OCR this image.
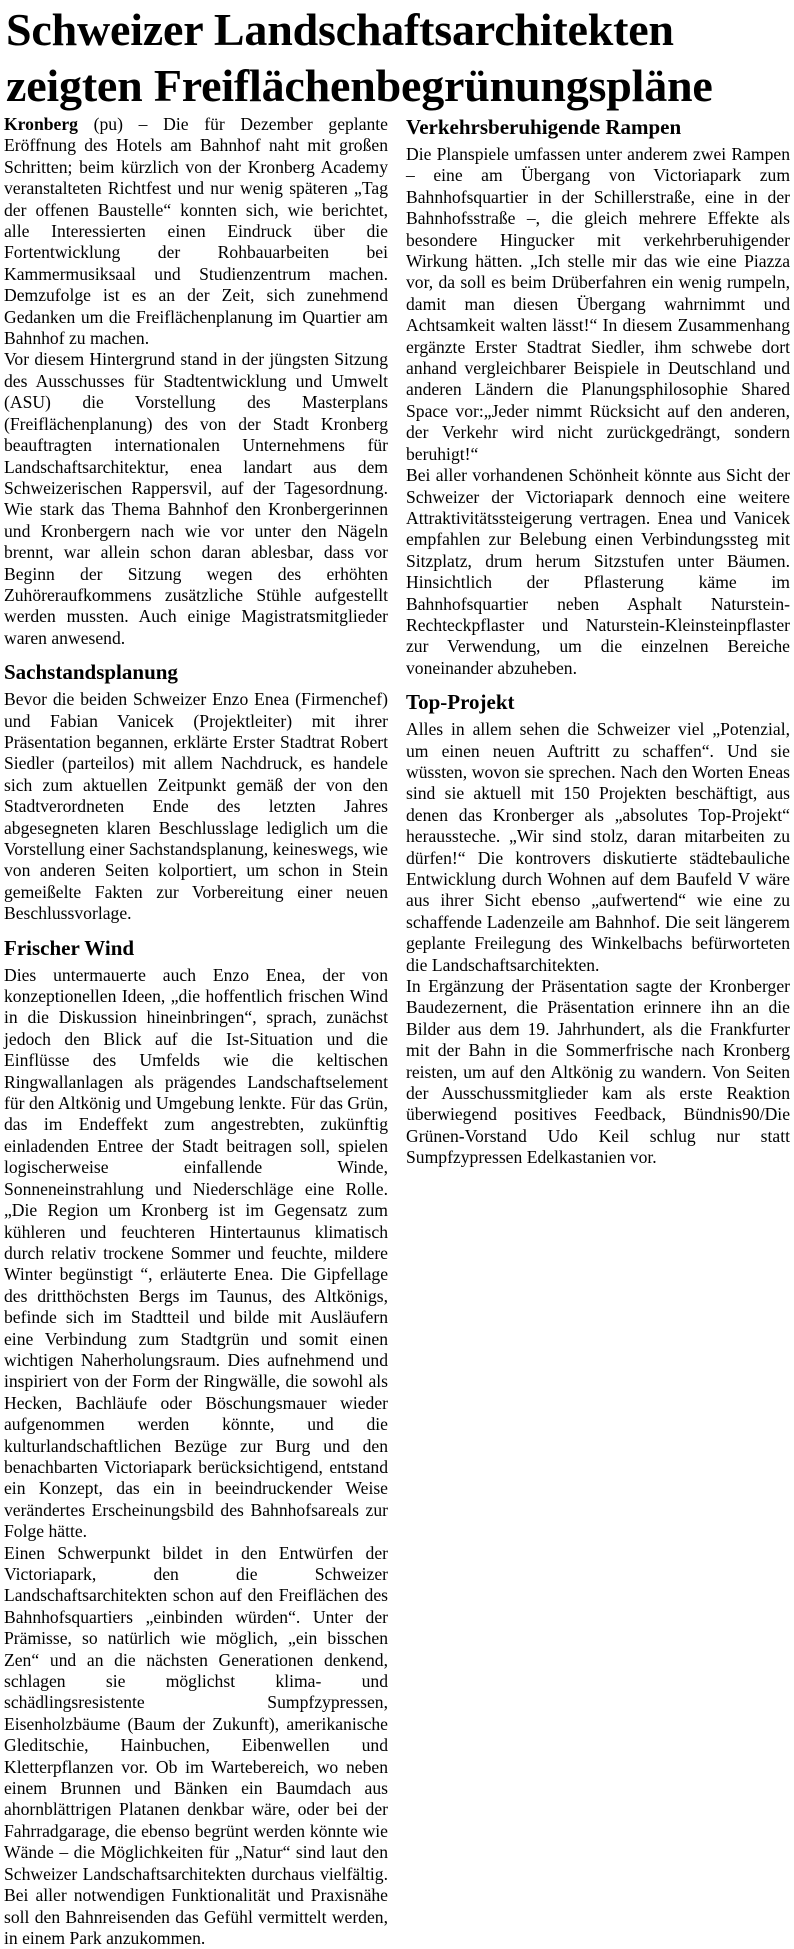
Schweizer Landschaftsarchitekten zeigten Freiflächenbegrünungspläne

Kronberg (pu) – Die für Dezember geplante Eröffnung des Hotels am Bahnhof naht mit großen Schritten; beim kürzlich von der Kronberg Academy veranstalteten Richtfest und nur wenig späteren „Tag der offenen Baustelle“ konnten sich, wie berichtet, alle Interessierten einen Eindruck über die Fortentwicklung der Rohbauarbeiten bei Kammermusiksaal und Studienzentrum machen. Demzufolge ist es an der Zeit, sich zunehmend Gedanken um die Freiflächenplanung im Quartier am Bahnhof zu machen.

Vor diesem Hintergrund stand in der jüngsten Sitzung des Ausschusses für Stadtentwicklung und Umwelt (ASU) die Vorstellung des Masterplans (Freiflächenplanung) des von der Stadt Kronberg beauftragten internationalen Unternehmens für Landschaftsarchitektur, enea landart aus dem Schweizerischen Rappersvil, auf der Tagesordnung. Wie stark das Thema Bahnhof den Kronbergerinnen und Kronbergern nach wie vor unter den Nägeln brennt, war allein schon daran ablesbar, dass vor Beginn der Sitzung wegen des erhöhten Zuhöreraufkommens zusätzliche Stühle aufgestellt werden mussten. Auch einige Magistratsmitglieder waren anwesend.

Sachstandsplanung

Bevor die beiden Schweizer Enzo Enea (Firmenchef) und Fabian Vanicek (Projektleiter) mit ihrer Präsentation begannen, erklärte Erster Stadtrat Robert Siedler (parteilos) mit allem Nachdruck, es handele sich zum aktuellen Zeitpunkt gemäß der von den Stadtverordneten Ende des letzten Jahres abgesegneten klaren Beschlusslage lediglich um die Vorstellung einer Sachstandsplanung, keineswegs, wie von anderen Seiten kolportiert, um schon in Stein gemeißelte Fakten zur Vorbereitung einer neuen Beschlussvorlage.

Frischer Wind

Dies untermauerte auch Enzo Enea, der von konzeptionellen Ideen, „die hoffentlich frischen Wind in die Diskussion hineinbringen“, sprach, zunächst jedoch den Blick auf die Ist-Situation und die Einflüsse des Umfelds wie die keltischen Ringwallanlagen als prägendes Landschaftselement für den Altkönig und Umgebung lenkte. Für das Grün, das im Endeffekt zum angestrebten, zukünftig einladenden Entree der Stadt beitragen soll, spielen logischerweise einfallende Winde, Sonneneinstrahlung und Niederschläge eine Rolle. „Die Region um Kronberg ist im Gegensatz zum kühleren und feuchteren Hintertaunus klimatisch durch relativ trockene Sommer und feuchte, mildere Winter begünstigt “, erläuterte Enea. Die Gipfellage des dritthöchsten Bergs im Taunus, des Altkönigs, befinde sich im Stadtteil und bilde mit Ausläufern eine Verbindung zum Stadtgrün und somit einen wichtigen Naherholungsraum. Dies aufnehmend und inspiriert von der Form der Ringwälle, die sowohl als Hecken, Bachläufe oder Böschungsmauer wieder aufgenommen werden könnte, und die kulturlandschaftlichen Bezüge zur Burg und den benachbarten Victoriapark berücksichtigend, entstand ein Konzept, das ein in beeindruckender Weise verändertes Erscheinungsbild des Bahnhofsareals zur Folge hätte.

Einen Schwerpunkt bildet in den Entwürfen der Victoriapark, den die Schweizer Landschaftsarchitekten schon auf den Freiflächen des Bahnhofsquartiers „einbinden würden“. Unter der Prämisse, so natürlich wie möglich, „ein bisschen Zen“ und an die nächsten Generationen denkend, schlagen sie möglichst klima- und schädlingsresistente Sumpfzypressen, Eisenholzbäume (Baum der Zukunft), amerikanische Gleditschie, Hainbuchen, Eibenwellen und Kletterpflanzen vor. Ob im Wartebereich, wo neben einem Brunnen und Bänken ein Baumdach aus ahornblättrigen Platanen denkbar wäre, oder bei der Fahrradgarage, die ebenso begrünt werden könnte wie Wände – die Möglichkeiten für „Natur“ sind laut den Schweizer Landschaftsarchitekten durchaus vielfältig. Bei aller notwendigen Funktionalität und Praxisnähe soll den Bahnreisenden das Gefühl vermittelt werden, in einem Park anzukommen.

Verkehrsberuhigende Rampen

Die Planspiele umfassen unter anderem zwei Rampen – eine am Übergang von Victoriapark zum Bahnhofsquartier in der Schillerstraße, eine in der Bahnhofsstraße –, die gleich mehrere Effekte als besondere Hingucker mit verkehrberuhigender Wirkung hätten. „Ich stelle mir das wie eine Piazza vor, da soll es beim Drüberfahren ein wenig rumpeln, damit man diesen Übergang wahrnimmt und Achtsamkeit walten lässt!“ In diesem Zusammenhang ergänzte Erster Stadtrat Siedler, ihm schwebe dort anhand vergleichbarer Beispiele in Deutschland und anderen Ländern die Planungsphilosophie Shared Space vor:„Jeder nimmt Rücksicht auf den anderen, der Verkehr wird nicht zurückgedrängt, sondern beruhigt!“

Bei aller vorhandenen Schönheit könnte aus Sicht der Schweizer der Victoriapark dennoch eine weitere Attraktivitätssteigerung vertragen. Enea und Vanicek empfahlen zur Belebung einen Verbindungssteg mit Sitzplatz, drum herum Sitzstufen unter Bäumen. Hinsichtlich der Pflasterung käme im Bahnhofsquartier neben Asphalt Naturstein-Rechteckpflaster und Naturstein-Kleinsteinpflaster zur Verwendung, um die einzelnen Bereiche voneinander abzuheben.

Top-Projekt

Alles in allem sehen die Schweizer viel „Potenzial, um einen neuen Auftritt zu schaffen“. Und sie wüssten, wovon sie sprechen. Nach den Worten Eneas sind sie aktuell mit 150 Projekten beschäftigt, aus denen das Kronberger als „absolutes Top-Projekt“ heraussteche. „Wir sind stolz, daran mitarbeiten zu dürfen!“ Die kontrovers diskutierte städtebauliche Entwicklung durch Wohnen auf dem Baufeld V wäre aus ihrer Sicht ebenso „aufwertend“ wie eine zu schaffende Ladenzeile am Bahnhof. Die seit längerem geplante Freilegung des Winkelbachs befürworteten die Landschaftsarchitekten.

In Ergänzung der Präsentation sagte der Kronberger Baudezernent, die Präsentation erinnere ihn an die Bilder aus dem 19. Jahrhundert, als die Frankfurter mit der Bahn in die Sommerfrische nach Kronberg reisten, um auf den Altkönig zu wandern. Von Seiten der Ausschussmitglieder kam als erste Reaktion überwiegend positives Feedback, Bündnis90/Die Grünen-Vorstand Udo Keil schlug nur statt Sumpfzypressen Edelkastanien vor.
